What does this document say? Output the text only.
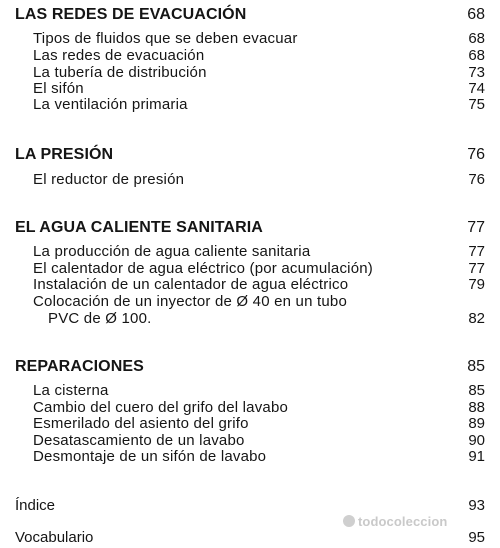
LAS REDES DE EVACUACIÓN	68
Tipos de fluidos que se deben evacuar	68
Las redes de evacuación	68
La tubería de distribución	73
El sifón	74
La ventilación primaria	75
LA PRESIÓN	76
El reductor de presión	76
EL AGUA CALIENTE SANITARIA	77
La producción de agua caliente sanitaria	77
El calentador de agua eléctrico (por acumulación)	77
Instalación de un calentador de agua eléctrico	79
Colocación de un inyector de Ø 40 en un tubo
PVC de Ø 100.	82
REPARACIONES	85
La cisterna	85
Cambio del cuero del grifo del lavabo	88
Esmerilado del asiento del grifo	89
Desatascamiento de un lavabo	90
Desmontaje de un sifón de lavabo	91
Índice	93
Vocabulario	95
todocoleccion
